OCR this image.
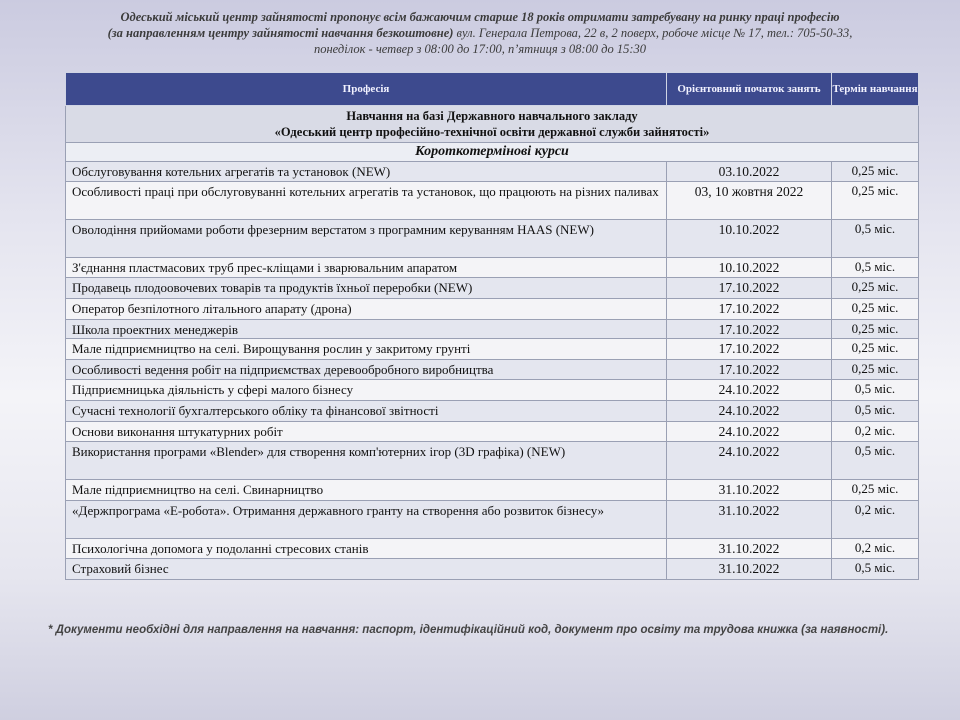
Одеський міський центр зайнятості пропонує всім бажаючим старше 18 років отримати затребувану на ринку праці професію
(за направленням центру зайнятості навчання безкоштовне) вул. Генерала Петрова, 22 в, 2 поверх, робоче місце № 17, тел.: 705-50-33,
понеділок - четвер з 08:00 до 17:00, п’ятниця з 08:00 до 15:30
Професія	Орієнтовний початок занять	Термін навчання

Навчання на базі Державного навчального закладу
«Одеський центр професійно-технічної освіти державної служби зайнятості»		

Короткотермінові курси		
Обслуговування котельних агрегатів та установок (NEW)	03.10.2022	0,25 міс.
Особливості праці при обслуговуванні котельних агрегатів та установок, що працюють на різних паливах	03, 10 жовтня 2022	0,25 міс.
Оволодіння прийомами роботи фрезерним верстатом з програмним керуванням HAAS (NEW)	10.10.2022	0,5 міс.
З'єднання пластмасових труб прес-кліщами і зварювальним апаратом	10.10.2022	0,5 міс.
Продавець плодоовочевих товарів та продуктів їхньої переробки (NEW)	17.10.2022	0,25 міс.
Оператор безпілотного літального апарату (дрона)	17.10.2022	0,25 міс.
Школа проектних менеджерів	17.10.2022	0,25 міс.
Мале підприємництво на селі. Вирощування рослин у закритому грунті	17.10.2022	0,25 міс.
Особливості ведення робіт на підприємствах деревообробного виробництва	17.10.2022	0,25 міс.
Підприємницька діяльність у сфері малого бізнесу	24.10.2022	0,5 міс.
Сучасні технології бухгалтерського обліку та фінансової звітності	24.10.2022	0,5 міс.
Основи виконання штукатурних робіт	24.10.2022	0,2 міс.
Використання програми «Blender» для створення комп'ютерних ігор (3D графіка) (NEW)	24.10.2022	0,5 міс.
Мале підприємництво на селі. Свинарництво	31.10.2022	0,25 міс.
«Держпрограма «Е-робота». Отримання державного гранту на створення або розвиток бізнесу»	31.10.2022	0,2 міс.
Психологічна допомога у подоланні стресових станів	31.10.2022	0,2 міс.
Страховий бізнес	31.10.2022	0,5 міс.
* Документи необхідні для направлення на навчання: паспорт, ідентифікаційний код, документ про освіту та трудова книжка (за наявності).
